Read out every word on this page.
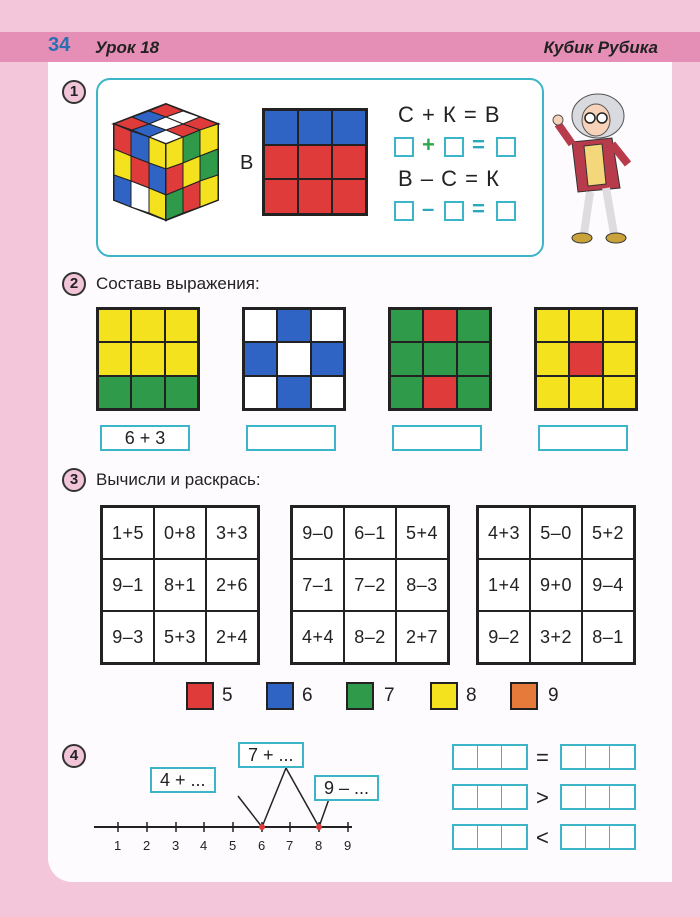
34 Урок 18	Кубик Рубика
1
В
С + К = В
+ =
В – С = К
– =
2	Составь выражения:
6 + 3
3	Вычисли и раскрась:
1+5	0+8	3+3
9–1	8+1	2+6
9–3	5+3	2+4
9–0	6–1	5+4
7–1	7–2	8–3
4+4	8–2	2+7
4+3	5–0	5+2
1+4	9+0	9–4
9–2	3+2	8–1
5	6	7	8	9
4
1 2 3 4 5 6 7 8 9
4 + ...
7 + ...
9 – ...
=
>
<
